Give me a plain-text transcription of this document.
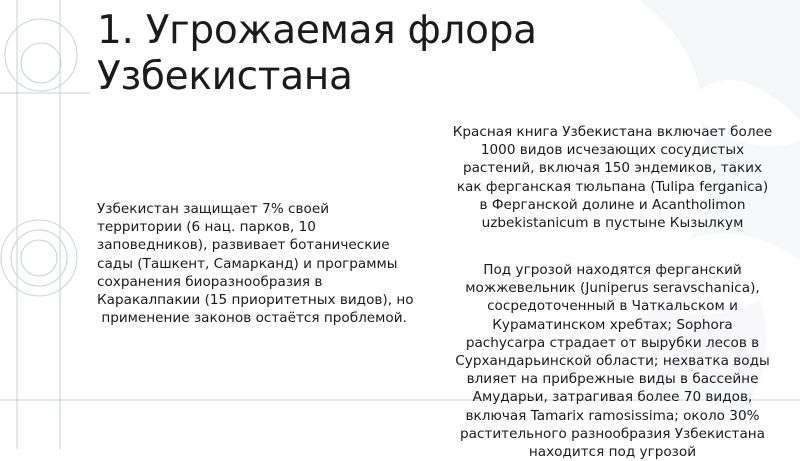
1. Угрожаемая флора
Узбекистана
Узбекистан защищает 7% своей
территории (6 нац. парков, 10
заповедников), развивает ботанические
сады (Ташкент, Самарканд) и программы
сохранения биоразнообразия в
Каракалпакии (15 приоритетных видов), но
применение законов остаётся проблемой.
Красная книга Узбекистана включает более
1000 видов исчезающих сосудистых
растений, включая 150 эндемиков, таких
как ферганская тюльпана (Tulipa ferganica)
в Ферганской долине и Acantholimon
uzbekistanicum в пустыне Кызылкум
Под угрозой находятся ферганский
можжевельник (Juniperus seravschanica),
сосредоточенный в Чаткальском и
Кураматинском хребтах; Sophora
pachycarpa страдает от вырубки лесов в
Сурхандарьинской области; нехватка воды
влияет на прибрежные виды в бассейне
Амударьи, затрагивая более 70 видов,
включая Tamarix ramosissima; около 30%
растительного разнообразия Узбекистана
находится под угрозой
